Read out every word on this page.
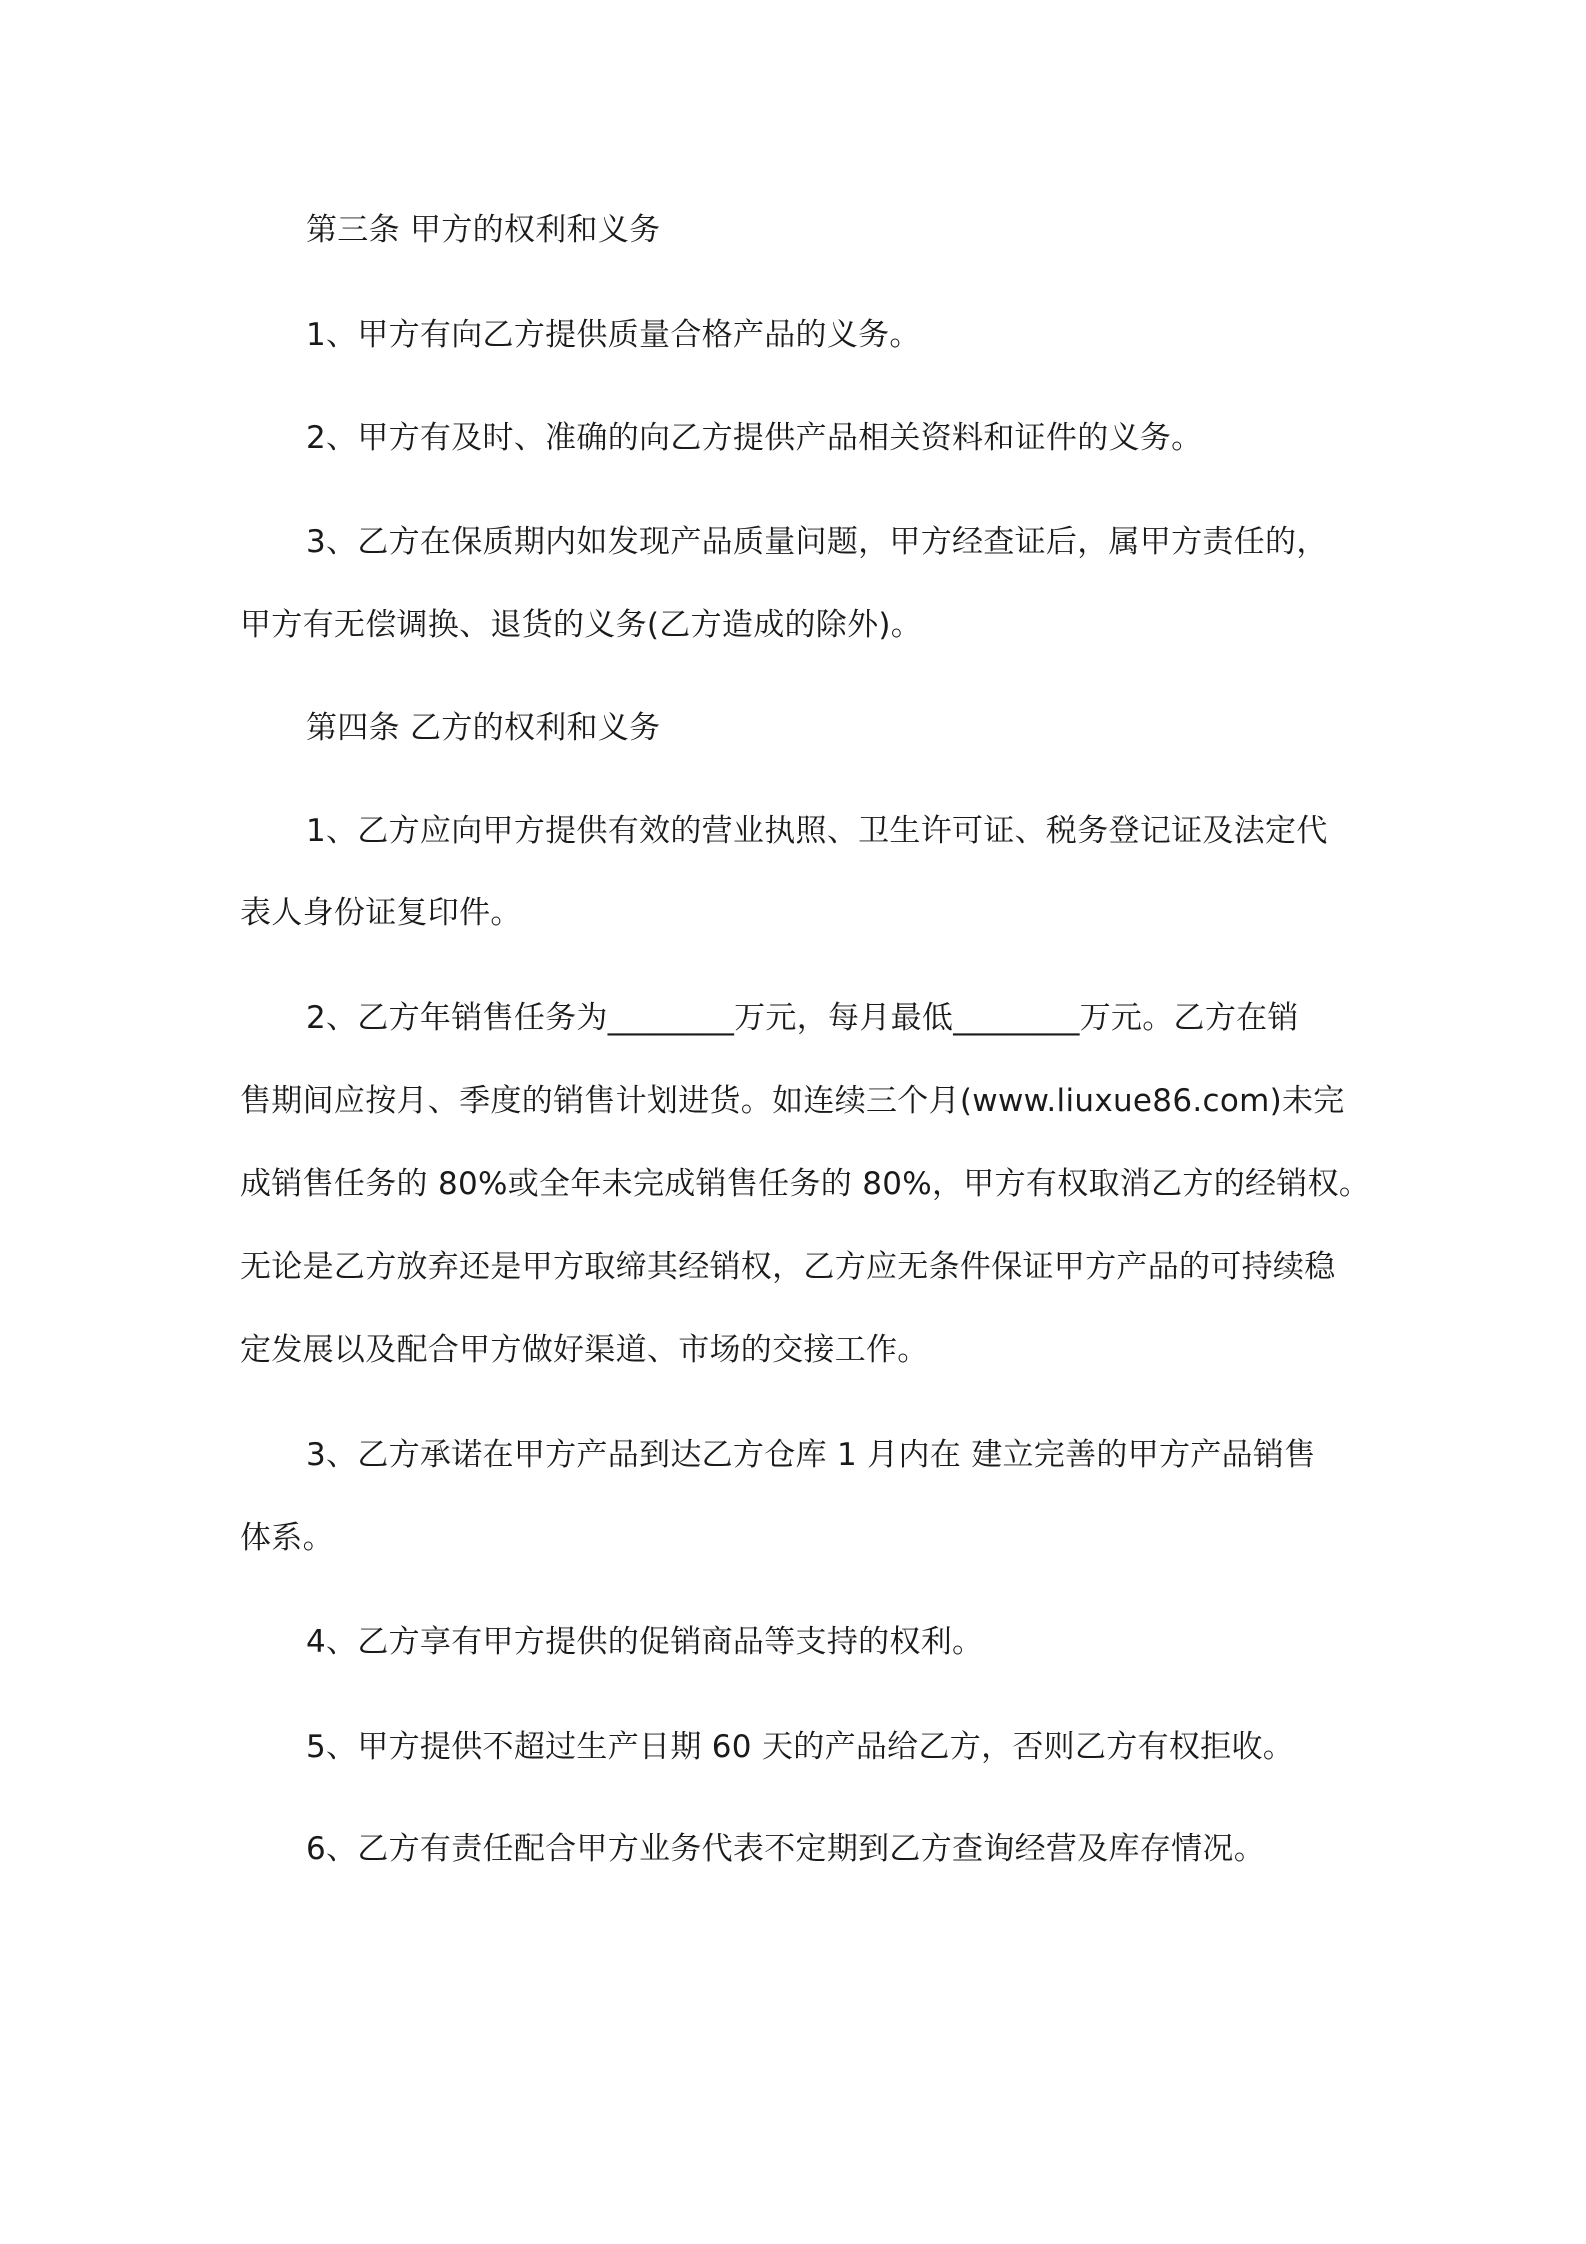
第三条 甲方的权利和义务
1、甲方有向乙方提供质量合格产品的义务。
2、甲方有及时、准确的向乙方提供产品相关资料和证件的义务。
3、乙方在保质期内如发现产品质量问题，甲方经查证后，属甲方责任的，
甲方有无偿调换、退货的义务(乙方造成的除外)。
第四条 乙方的权利和义务
1、乙方应向甲方提供有效的营业执照、卫生许可证、税务登记证及法定代
表人身份证复印件。
2、乙方年销售任务为________万元，每月最低________万元。乙方在销
售期间应按月、季度的销售计划进货。如连续三个月(www.liuxue86.com)未完
成销售任务的 80%或全年未完成销售任务的 80%，甲方有权取消乙方的经销权。
无论是乙方放弃还是甲方取缔其经销权，乙方应无条件保证甲方产品的可持续稳
定发展以及配合甲方做好渠道、市场的交接工作。
3、乙方承诺在甲方产品到达乙方仓库 1 月内在 建立完善的甲方产品销售
体系。
4、乙方享有甲方提供的促销商品等支持的权利。
5、甲方提供不超过生产日期 60 天的产品给乙方，否则乙方有权拒收。
6、乙方有责任配合甲方业务代表不定期到乙方查询经营及库存情况。
